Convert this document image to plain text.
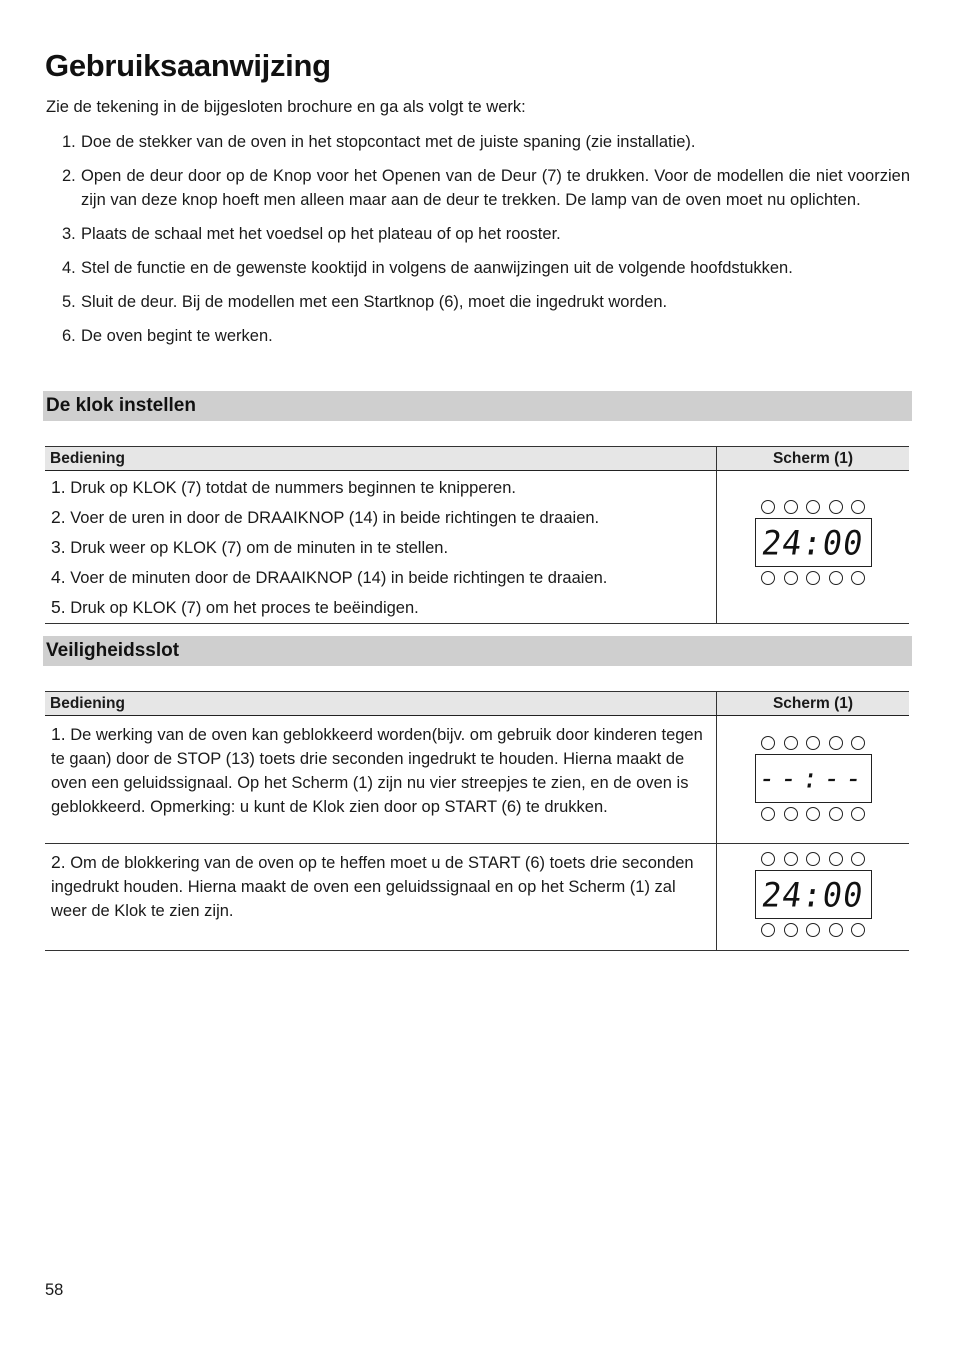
Gebruiksaanwijzing

Zie de tekening in de bijgesloten brochure en ga als volgt te werk:

1. Doe de stekker van de oven in het stopcontact met de juiste spaning (zie installatie).
2. Open de deur door op de Knop voor het Openen van de Deur (7) te drukken. Voor de modellen die niet voorzien zijn van deze knop hoeft men alleen maar aan de deur te trekken. De lamp van de oven moet nu oplichten.
3. Plaats de schaal met het voedsel op het plateau of op het rooster.
4. Stel de functie en de gewenste kooktijd in volgens de aanwijzingen uit de volgende hoofdstukken.
5. Sluit de deur. Bij de modellen met een Startknop (6), moet die ingedrukt worden.
6. De oven begint te werken.
De klok instellen
Bediening	Scherm (1)

1. Druk op KLOK (7) totdat de nummers beginnen te knipperen.
2. Voer de uren in door de DRAAIKNOP (14) in beide richtingen te draaien.
3. Druk weer op KLOK (7) om de minuten in te stellen.
4. Voer de minuten door de DRAAIKNOP (14) in beide richtingen te draaien.
5. Druk op KLOK (7) om het proces te beëindigen.	24:00
Veiligheidsslot
Bediening	Scherm (1)

1. De werking van de oven kan geblokkeerd worden(bijv. om gebruik door kinderen tegen te gaan) door de STOP (13) toets drie seconden ingedrukt te houden. Hierna maakt de oven een geluidssignaal. Op het Scherm (1) zijn nu vier streepjes te zien, en de oven is geblokkeerd. Opmerking: u kunt de Klok zien door op START (6) te drukken.	--:--

2. Om de blokkering van de oven op te heffen moet u de START (6) toets drie seconden ingedrukt houden. Hierna maakt de oven een geluidssignaal en op het Scherm (1) zal weer de Klok te zien zijn.	24:00
58
